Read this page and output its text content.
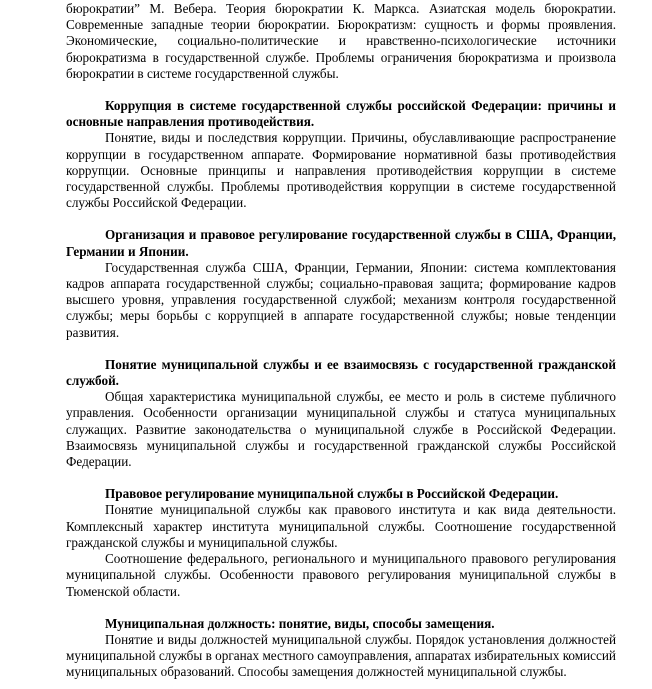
бюрократии” М. Вебера. Теория бюрократии К. Маркса. Азиатская модель бюрократии. Современные западные теории бюрократии. Бюрократизм: сущность и формы проявления. Экономические, социально-политические и нравственно-психологические источники бюрократизма в государственной службе. Проблемы ограничения бюрократизма и произвола бюрократии в системе государственной службы.

Коррупция в системе государственной службы российской Федерации: причины и основные направления противодействия.

Понятие, виды и последствия коррупции. Причины, обуславливающие распространение коррупции в государственном аппарате. Формирование нормативной базы противодействия коррупции. Основные принципы и направления противодействия коррупции в системе государственной службы. Проблемы противодействия коррупции в системе государственной службы Российской Федерации.

Организация и правовое регулирование государственной службы в США, Франции, Германии и Японии.

Государственная служба США, Франции, Германии, Японии: система комплектования кадров аппарата государственной службы; социально-правовая защита; формирование кадров высшего уровня, управления государственной службой; механизм контроля государственной службы; меры борьбы с коррупцией в аппарате государственной службы; новые тенденции развития.

Понятие муниципальной службы и ее взаимосвязь с государственной гражданской службой.

Общая характеристика муниципальной службы, ее место и роль в системе публичного управления. Особенности организации муниципальной службы и статуса муниципальных служащих. Развитие законодательства о муниципальной службе в Российской Федерации. Взаимосвязь муниципальной службы и государственной гражданской службы Российской Федерации.

Правовое регулирование муниципальной службы в Российской Федерации.

Понятие муниципальной службы как правового института и как вида деятельности. Комплексный характер института муниципальной службы. Соотношение государственной гражданской службы и муниципальной службы.

Соотношение федерального, регионального и муниципального правового регулирования муниципальной службы. Особенности правового регулирования муниципальной службы в Тюменской области.

Муниципальная должность: понятие, виды, способы замещения.

Понятие и виды должностей муниципальной службы. Порядок установления должностей муниципальной службы в органах местного самоуправления, аппаратах избирательных комиссий муниципальных образований. Способы замещения должностей муниципальной службы.
